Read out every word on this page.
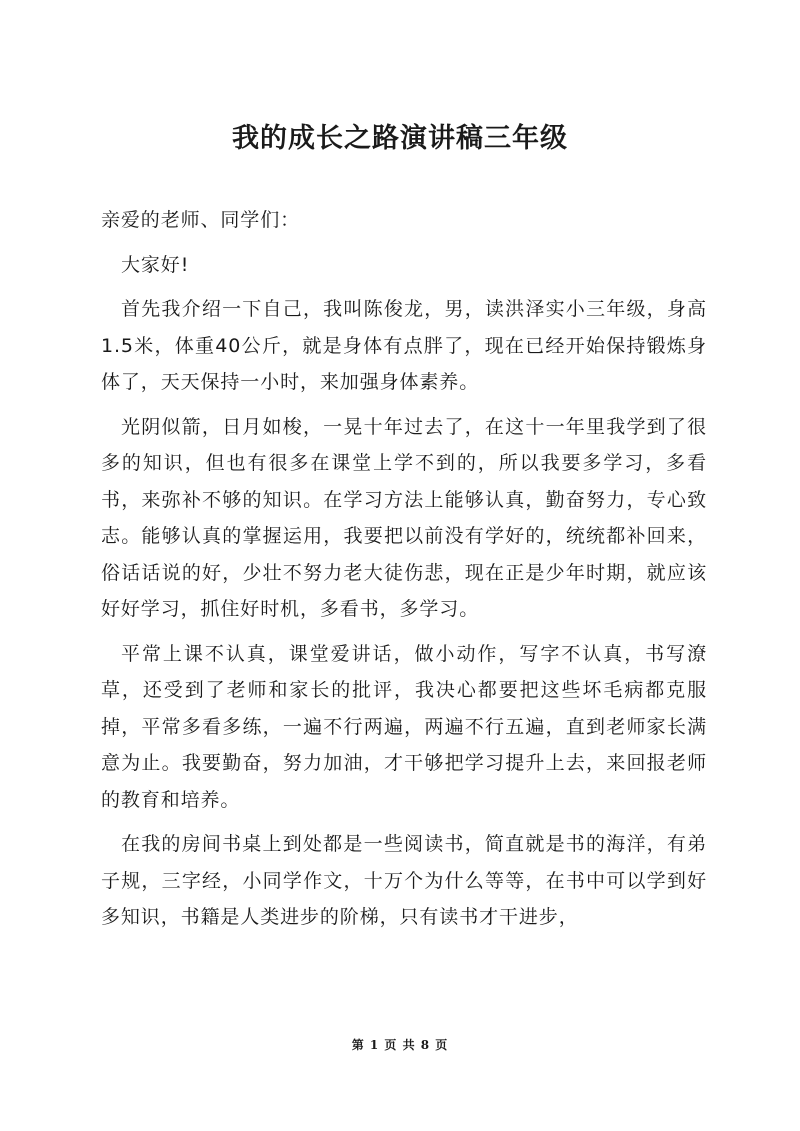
我的成长之路演讲稿三年级

亲爱的老师、同学们：

大家好!

首先我介绍一下自己，我叫陈俊龙，男，读洪泽实小三年级，身高1.5米，体重40公斤，就是身体有点胖了，现在已经开始保持锻炼身体了，天天保持一小时，来加强身体素养。

光阴似箭，日月如梭，一晃十年过去了，在这十一年里我学到了很多的知识，但也有很多在课堂上学不到的，所以我要多学习，多看书，来弥补不够的知识。在学习方法上能够认真，勤奋努力，专心致志。能够认真的掌握运用，我要把以前没有学好的，统统都补回来，俗话话说的好，少壮不努力老大徒伤悲，现在正是少年时期，就应该好好学习，抓住好时机，多看书，多学习。

平常上课不认真，课堂爱讲话，做小动作，写字不认真，书写潦草，还受到了老师和家长的批评，我决心都要把这些坏毛病都克服掉，平常多看多练，一遍不行两遍，两遍不行五遍，直到老师家长满意为止。我要勤奋，努力加油，才干够把学习提升上去，来回报老师的教育和培养。

在我的房间书桌上到处都是一些阅读书，简直就是书的海洋，有弟子规，三字经，小同学作文，十万个为什么等等，在书中可以学到好多知识，书籍是人类进步的阶梯，只有读书才干进步，

第 1 页 共 8 页
